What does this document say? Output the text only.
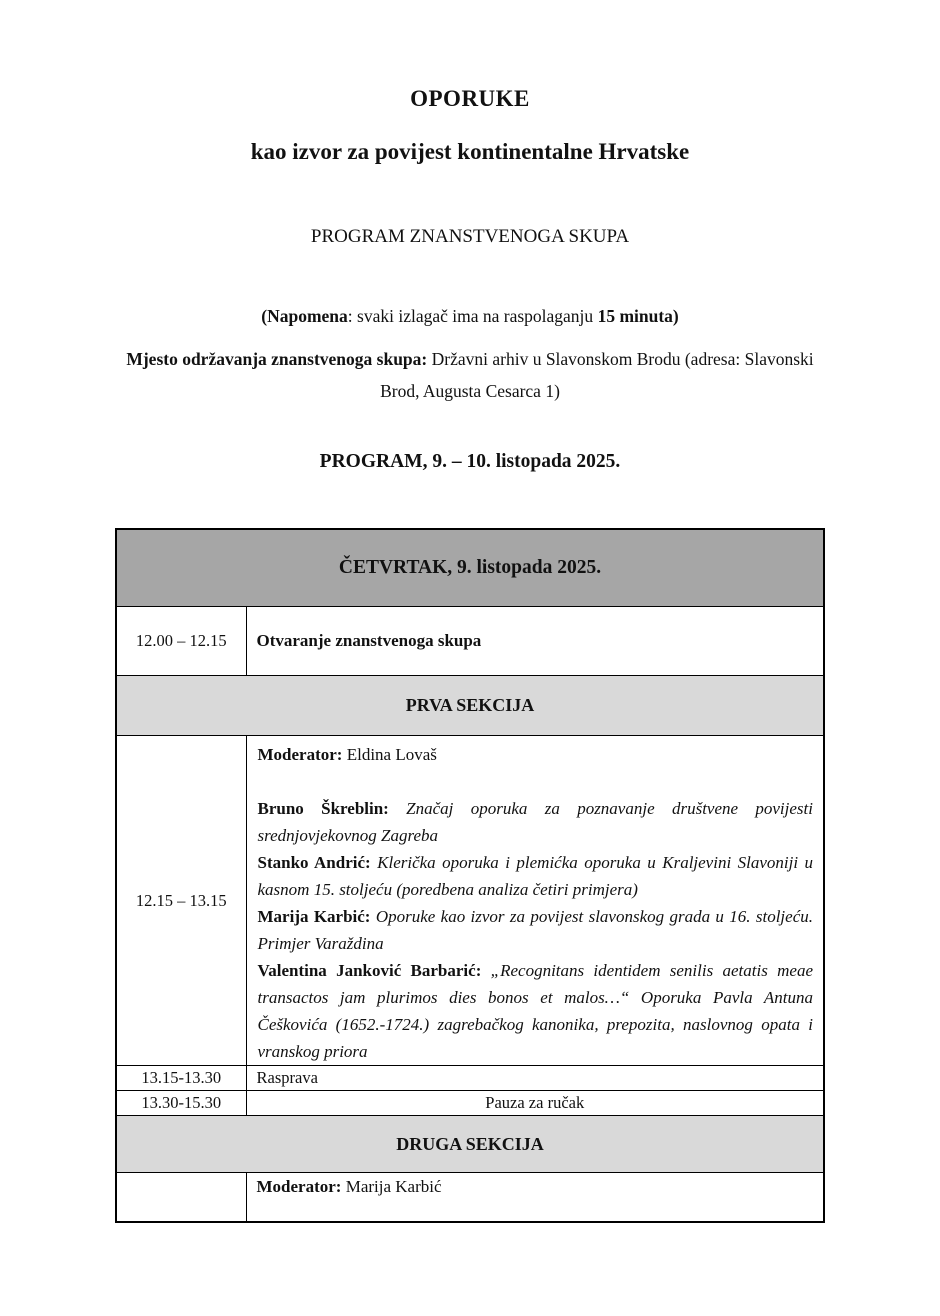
OPORUKE
kao izvor za povijest kontinentalne Hrvatske

PROGRAM ZNANSTVENOGA SKUPA

(Napomena: svaki izlagač ima na raspolaganju 15 minuta)

Mjesto održavanja znanstvenoga skupa: Državni arhiv u Slavonskom Brodu (adresa: Slavonski Brod, Augusta Cesarca 1)

PROGRAM, 9. – 10. listopada 2025.

ČETVRTAK, 9. listopada 2025.	
12.00 – 12.15	Otvaranje znanstvenoga skupa
PRVA SEKCIJA	
12.15 – 13.15	Moderator: Eldina Lovaš

Bruno Škreblin: Značaj oporuka za poznavanje društvene povijesti srednjovjekovnog Zagreba

Stanko Andrić: Klerička oporuka i plemićka oporuka u Kraljevini Slavoniji u kasnom 15. stoljeću (poredbena analiza četiri primjera)

Marija Karbić: Oporuke kao izvor za povijest slavonskog grada u 16. stoljeću. Primjer Varaždina

Valentina Janković Barbarić: „Recognitans identidem senilis aetatis meae transactos jam plurimos dies bonos et malos…“ Oporuka Pavla Antuna Češkovića (1652.-1724.) zagrebačkog kanonika, prepozita, naslovnog opata i vranskog priora

13.15-13.30	Rasprava
13.30-15.30	Pauza za ručak
DRUGA SEKCIJA	
	Moderator: Marija Karbić
